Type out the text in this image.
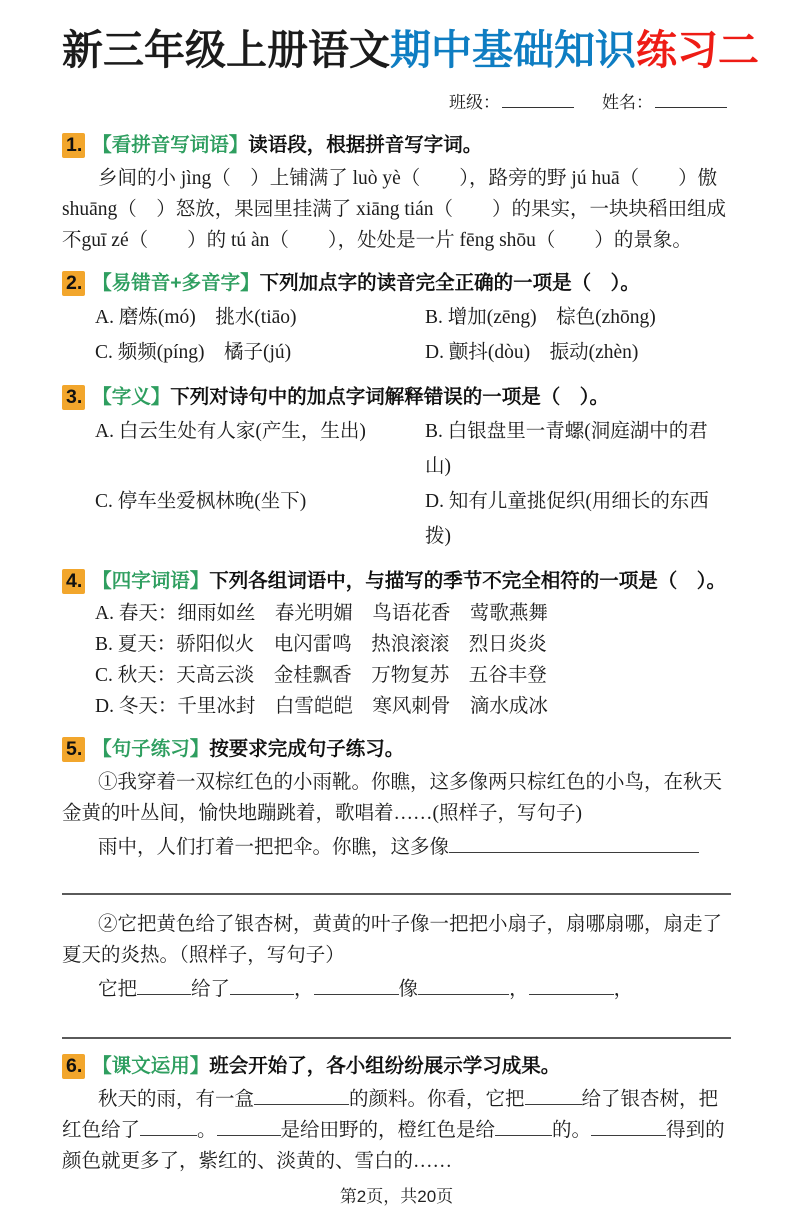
新三年级上册语文期中基础知识练习二
班级：	姓名：
1. 【看拼音写词语】读语段，根据拼音写字词。

乡间的小 jìng（　）上铺满了 luò yè（　　），路旁的野 jú huā（　　）傲shuāng（　）怒放，果园里挂满了 xiāng tián（　　）的果实，一块块稻田组成不guī zé（　　）的 tú àn（　　），处处是一片 fēng shōu（　　）的景象。

2. 【易错音+多音字】下列加点字的读音完全正确的一项是（　）。
A. 磨 •炼(mó)　挑 •水(tiāo)	B. 增 •加(zēng)　棕 •色(zhōng)
C. 频 •频(píng)　橘 •子(jú)	D. 颤 •抖(dòu)　振 •动(zhèn)
3. 【字义】下列对诗句中的加点字词解释错误的一项是（　）。
A. 白云生 •处有人家(产生，生出)	B. 白银盘里一青 •螺 •(洞庭湖中的君山)
C. 停车坐 •爱枫林晚(坐下)	D. 知有儿童挑 •促织(用细长的东西拨)
4. 【四字词语】下列各组词语中，与描写的季节不完全相符的一项是（　）。
A. 春天：细雨如丝　春光明媚　鸟语花香　莺歌燕舞
B. 夏天：骄阳似火　电闪雷鸣　热浪滚滚　烈日炎炎
C. 秋天：天高云淡　金桂飘香　万物复苏　五谷丰登
D. 冬天：千里冰封　白雪皑皑　寒风刺骨　滴水成冰
5. 【句子练习】按要求完成句子练习。

①我穿着一双棕红色的小雨靴。你瞧，这多像两只棕红色的小鸟，在秋天金黄的叶丛间，愉快地蹦跳着，歌唱着……(照样子，写句子)

雨中，人们打着一把把伞。你瞧，这多像

②它把黄色给了银杏树，黄黄的叶子像一把把小扇子，扇哪扇哪，扇走了夏天的炎热。（照样子，写句子）

它把	给了	，	像	，	，

6. 【课文运用】班会开始了，各小组纷纷展示学习成果。

秋天的雨，有一盒	的颜料。你看，它把	给了银杏树，把红色给了	。	是给田野的，橙红色是给	的。	得到的颜色就更多了，紫红的、淡黄的、雪白的……

第2页，共20页
